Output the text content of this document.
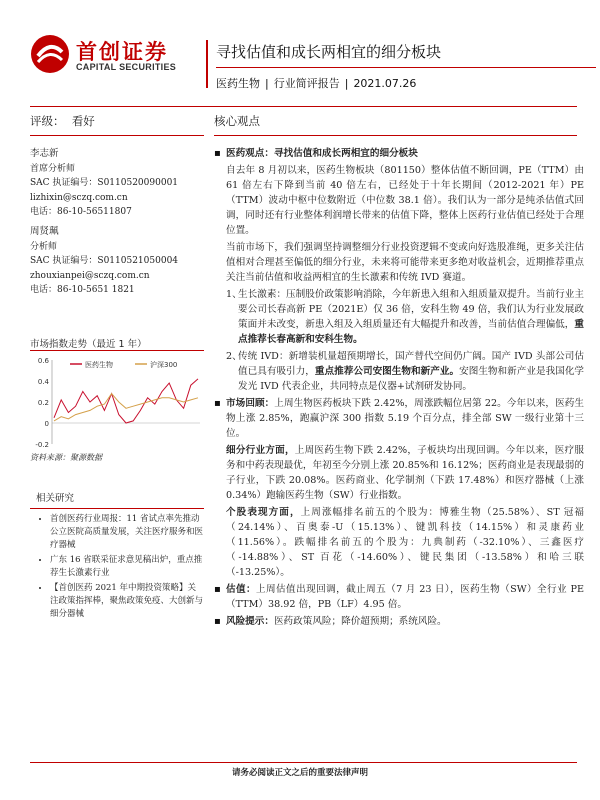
首创证券
CAPITAL SECURITIES
寻找估值和成长两相宜的细分板块
医药生物 | 行业简评报告 | 2021.07.26
评级： 看好	核心观点
李志新
首席分析师
SAC 执证编号：S0110520090001
lizhixin@sczq.com.cn
电话：86-10-56511807
周贤珮
分析师
SAC 执证编号：S0110521050004
zhouxianpei@sczq.com.cn
电话：86-10-5651 1821
市场指数走势（最近 1 年）
0.6
0.4
0.2
0
-0.2
医药生物	沪深300
资料来源：聚源数据
相关研究
• 首创医药行业周报：11 省试点率先推动公立医院高质量发展，关注医疗服务和医疗器械
• 广东 16 省联采征求意见稿出炉，重点推荐生长激素行业
• 【首创医药 2021 年中期投资策略】关注政策指挥棒，聚焦政策免疫、大创新与细分器械

▪ 医药观点：寻找估值和成长两相宜的细分板块

自去年 8 月初以来，医药生物板块（801150）整体估值不断回调，PE（TTM）由 61 倍左右下降到当前 40 倍左右，已经处于十年长期间（2012-2021 年）PE（TTM）波动中枢中位数附近（中位数 38.1 倍）。我们认为一部分是纯杀估值式回调，同时还有行业整体利润增长带来的估值下降，整体上医药行业估值已经处于合理位置。

当前市场下，我们强调坚持调整细分行业投资逻辑不变或向好选股准绳，更多关注估值相对合理甚至偏低的细分行业，未来将可能带来更多绝对收益机会，近期推荐重点关注当前估值和收益两相宜的生长激素和传统 IVD 赛道。

1、
生长激素：压制股价政策影响消除，今年新患入组和入组质量双提升。当前行业主要公司长春高新 PE（2021E）仅 36 倍，安科生物 49 倍，我们认为行业发展政策面并未改变，新患入组及入组质量还有大幅提升和改善，当前估值合理偏低，重点推荐长春高新和安科生物。

2、
传统 IVD：新增装机量超预期增长，国产替代空间仍广阔。国产 IVD 头部公司估值已具有吸引力，重点推荐公司安图生物和新产业。安图生物和新产业是我国化学发光 IVD 代表企业，共同特点是仪器+试剂研发协同。

▪ 市场回顾：上周生物医药板块下跌 2.42%，周涨跌幅位居第 22。今年以来，医药生物上涨 2.85%，跑赢沪深 300 指数 5.19 个百分点，排全部 SW 一级行业第十三位。

细分行业方面，上周医药生物下跌 2.42%，子板块均出现回调。今年以来，医疗服务和中药表现最优，年初至今分别上涨 20.85%和 16.12%；医药商业是表现最弱的子行业，下跌 20.08%。医药商业、化学制剂（下跌 17.48%）和医疗器械（上涨 0.34%）跑输医药生物（SW）行业指数。

个股表现方面，上周涨幅排名前五的个股为：博雅生物（25.58%）、ST 冠福（24.14%）、百奥泰-U（15.13%）、键凯科技（14.15%）和灵康药业（11.56%）。跌幅排名前五的个股为：九典制药（-32.10%）、三鑫医疗（-14.88%）、ST 百花（-14.60%）、键民集团（-13.58%）和哈三联（-13.25%）。

▪ 估值：上周估值出现回调，截止周五（7 月 23 日），医药生物（SW）全行业 PE（TTM）38.92 倍，PB（LF）4.95 倍。

▪ 风险提示：医药政策风险；降价超预期；系统风险。

请务必阅读正文之后的重要法律声明
